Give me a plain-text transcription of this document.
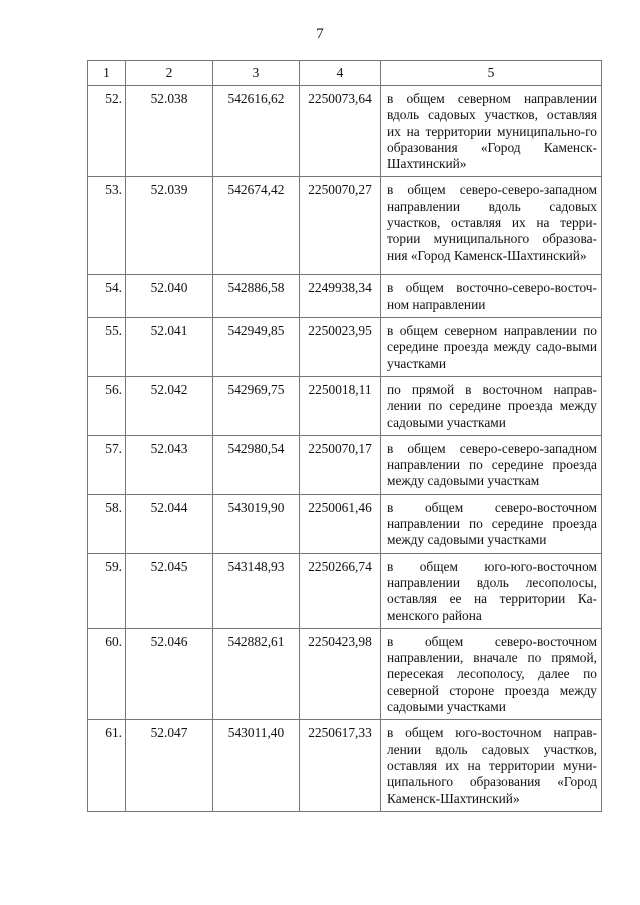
7
1	2	3	4	5
52.	52.038	542616,62	2250073,64	в общем северном направлении вдоль садовых участков, оставляя их на территории муниципально-го образования «Город Каменск-Шахтинский»
53.	52.039	542674,42	2250070,27	в общем северо-северо-западном направлении вдоль садовых участков, оставляя их на терри-тории муниципального образова-ния «Город Каменск-Шахтинский»
54.	52.040	542886,58	2249938,34	в общем восточно-северо-восточ-ном направлении
55.	52.041	542949,85	2250023,95	в общем северном направлении по середине проезда между садо-выми участками
56.	52.042	542969,75	2250018,11	по прямой в восточном направ-лении по середине проезда между садовыми участками
57.	52.043	542980,54	2250070,17	в общем северо-северо-западном направлении по середине проезда между садовыми участкам
58.	52.044	543019,90	2250061,46	в общем северо-восточном направлении по середине проезда между садовыми участками
59.	52.045	543148,93	2250266,74	в общем юго-юго-восточном направлении вдоль лесополосы, оставляя ее на территории Ка-менского района
60.	52.046	542882,61	2250423,98	в общем северо-восточном направлении, вначале по прямой, пересекая лесополосу, далее по северной стороне проезда между садовыми участками
61.	52.047	543011,40	2250617,33	в общем юго-восточном направ-лении вдоль садовых участков, оставляя их на территории муни-ципального образования «Город Каменск-Шахтинский»
